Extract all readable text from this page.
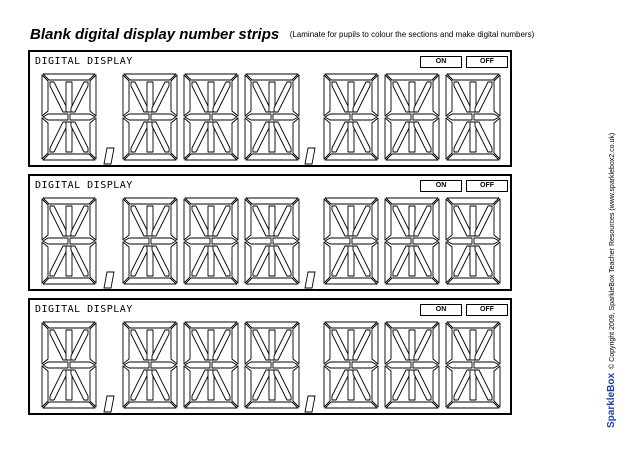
Blank digital display number strips (Laminate for pupils to colour the sections and make digital numbers)
DIGITAL DISPLAY	ON	OFF
DIGITAL DISPLAY	ON	OFF
DIGITAL DISPLAY	ON	OFF
SparkleBox© Copyright 2009, SparkleBox Teacher Resources (www.sparklebox2.co.uk)
